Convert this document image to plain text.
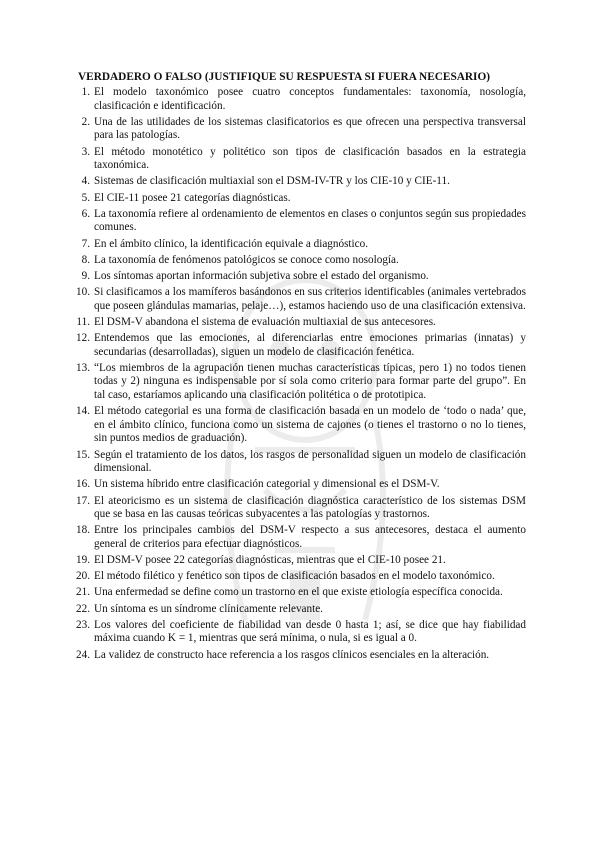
VERDADERO O FALSO (JUSTIFIQUE SU RESPUESTA SI FUERA NECESARIO)
1. El modelo taxonómico posee cuatro conceptos fundamentales: taxonomía, nosología, clasificación e identificación.
2. Una de las utilidades de los sistemas clasificatorios es que ofrecen una perspectiva transversal para las patologías.
3. El método monotético y politético son tipos de clasificación basados en la estrategia taxonómica.
4. Sistemas de clasificación multiaxial son el DSM-IV-TR y los CIE-10 y CIE-11.
5. El CIE-11 posee 21 categorías diagnósticas.
6. La taxonomía refiere al ordenamiento de elementos en clases o conjuntos según sus propiedades comunes.
7. En el ámbito clínico, la identificación equivale a diagnóstico.
8. La taxonomía de fenómenos patológicos se conoce como nosología.
9. Los síntomas aportan información subjetiva sobre el estado del organismo.
10. Si clasificamos a los mamíferos basándonos en sus criterios identificables (animales vertebrados que poseen glándulas mamarias, pelaje…), estamos haciendo uso de una clasificación extensiva.
11. El DSM-V abandona el sistema de evaluación multiaxial de sus antecesores.
12. Entendemos que las emociones, al diferenciarlas entre emociones primarias (innatas) y secundarias (desarrolladas), siguen un modelo de clasificación fenética.
13. “Los miembros de la agrupación tienen muchas características típicas, pero 1) no todos tienen todas y 2) ninguna es indispensable por sí sola como criterio para formar parte del grupo”. En tal caso, estaríamos aplicando una clasificación politética o de prototipica.
14. El método categorial es una forma de clasificación basada en un modelo de ‘todo o nada’ que, en el ámbito clínico, funciona como un sistema de cajones (o tienes el trastorno o no lo tienes, sin puntos medios de graduación).
15. Según el tratamiento de los datos, los rasgos de personalidad siguen un modelo de clasificación dimensional.
16. Un sistema híbrido entre clasificación categorial y dimensional es el DSM-V.
17. El ateoricismo es un sistema de clasificación diagnóstica característico de los sistemas DSM que se basa en las causas teóricas subyacentes a las patologías y trastornos.
18. Entre los principales cambios del DSM-V respecto a sus antecesores, destaca el aumento general de criterios para efectuar diagnósticos.
19. El DSM-V posee 22 categorías diagnósticas, mientras que el CIE-10 posee 21.
20. El método filético y fenético son tipos de clasificación basados en el modelo taxonómico.
21. Una enfermedad se define como un trastorno en el que existe etiología específica conocida.
22. Un síntoma es un síndrome clínicamente relevante.
23. Los valores del coeficiente de fiabilidad van desde 0 hasta 1; así, se dice que hay fiabilidad máxima cuando K = 1, mientras que será mínima, o nula, si es igual a 0.
24. La validez de constructo hace referencia a los rasgos clínicos esenciales en la alteración.
